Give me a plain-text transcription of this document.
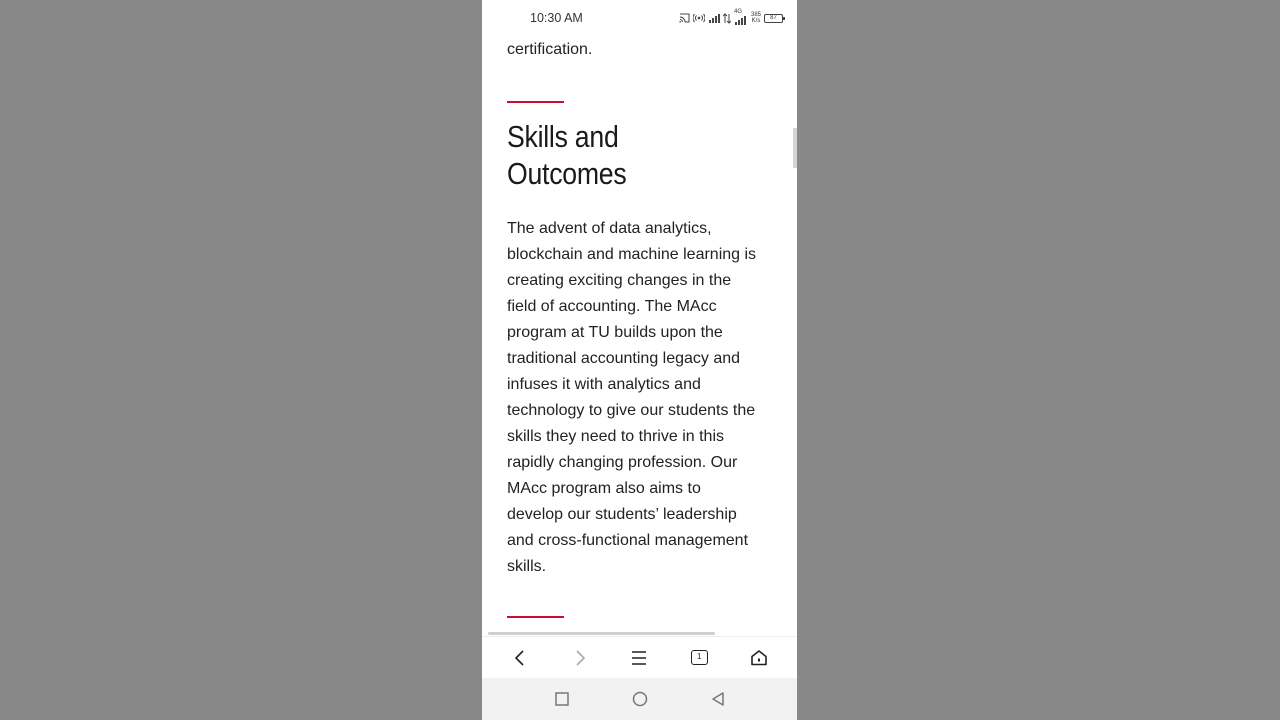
10:30 AM	4G 385
K/s
87
certification.
Skills and
Outcomes

The advent of data analytics, blockchain and machine learning is creating exciting changes in the field of accounting. The MAcc program at TU builds upon the traditional accounting legacy and infuses it with analytics and technology to give our students the skills they need to thrive in this rapidly changing profession. Our MAcc program also aims to develop our students’ leadership and cross-functional management skills.

1
